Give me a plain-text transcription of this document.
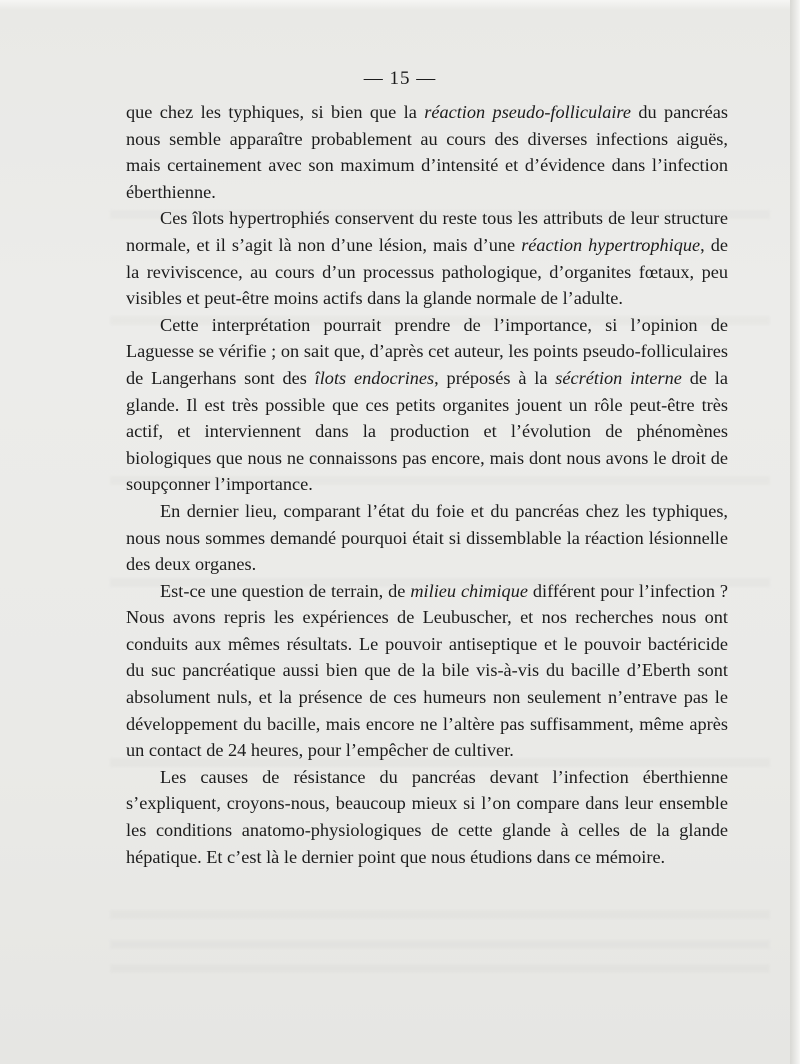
— 15 —

que chez les typhiques, si bien que la réaction pseudo-folliculaire du pancréas nous semble apparaître probablement au cours des diverses infections aiguës, mais certainement avec son maximum d’intensité et d’évidence dans l’infection éberthienne.

Ces îlots hypertrophiés conservent du reste tous les attributs de leur structure normale, et il s’agit là non d’une lésion, mais d’une réaction hypertrophique, de la reviviscence, au cours d’un processus pathologique, d’organites fœtaux, peu visibles et peut-être moins actifs dans la glande normale de l’adulte.

Cette interprétation pourrait prendre de l’importance, si l’opinion de Laguesse se vérifie ; on sait que, d’après cet auteur, les points pseudo-folliculaires de Langerhans sont des îlots endocrines, préposés à la sécrétion interne de la glande. Il est très possible que ces petits organites jouent un rôle peut-être très actif, et interviennent dans la production et l’évolution de phénomènes biologiques que nous ne connaissons pas encore, mais dont nous avons le droit de soupçonner l’importance.

En dernier lieu, comparant l’état du foie et du pancréas chez les typhiques, nous nous sommes demandé pourquoi était si dissemblable la réaction lésionnelle des deux organes.

Est-ce une question de terrain, de milieu chimique différent pour l’infection ? Nous avons repris les expériences de Leubuscher, et nos recherches nous ont conduits aux mêmes résultats. Le pouvoir antiseptique et le pouvoir bactéricide du suc pancréatique aussi bien que de la bile vis-à-vis du bacille d’Eberth sont absolument nuls, et la présence de ces humeurs non seulement n’entrave pas le développement du bacille, mais encore ne l’altère pas suffisamment, même après un contact de 24 heures, pour l’empêcher de cultiver.

Les causes de résistance du pancréas devant l’infection éberthienne s’expliquent, croyons-nous, beaucoup mieux si l’on compare dans leur ensemble les conditions anatomo-physiologiques de cette glande à celles de la glande hépatique. Et c’est là le dernier point que nous étudions dans ce mémoire.
